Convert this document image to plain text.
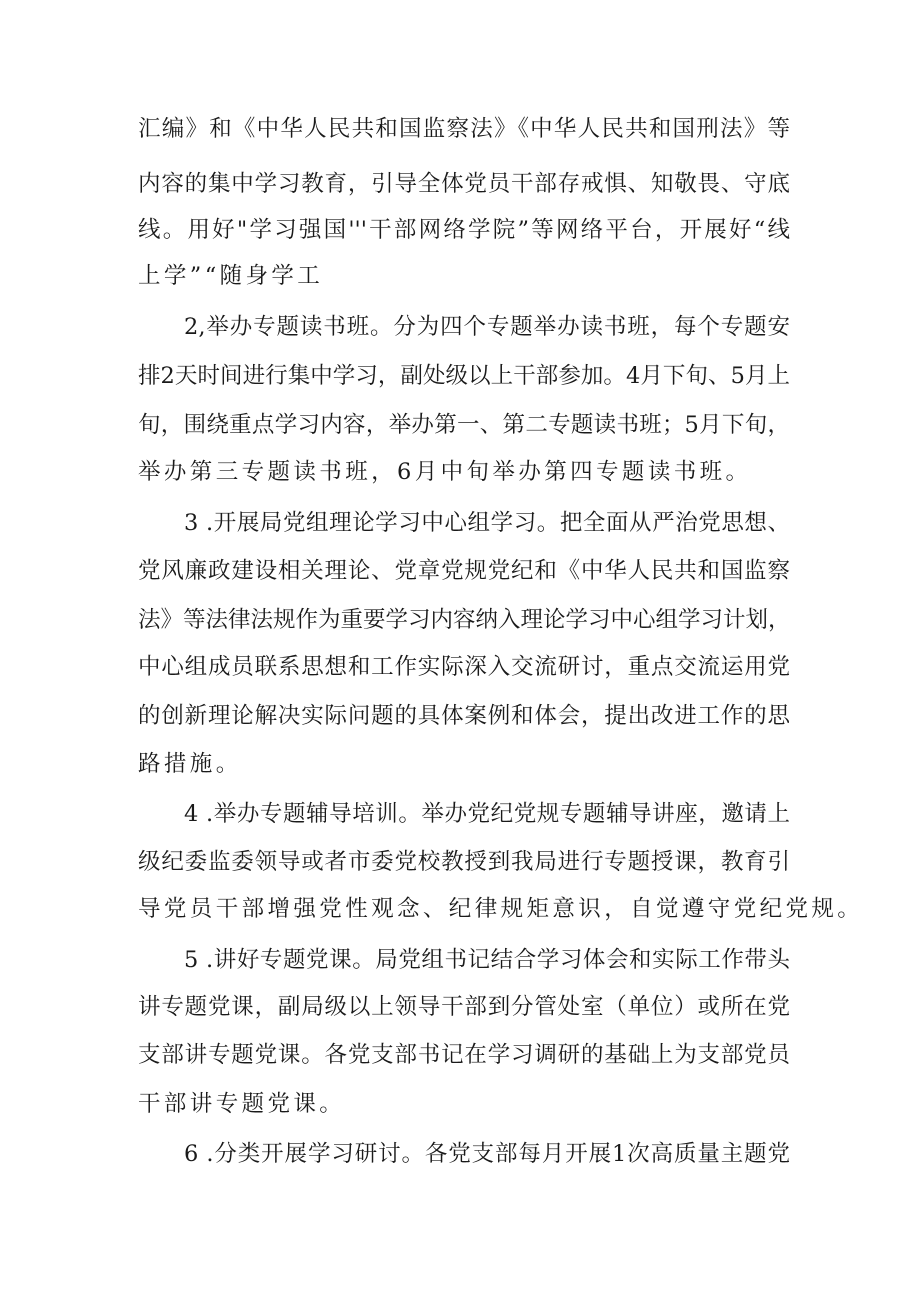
汇编》和《中华人民共和国监察法》《中华人民共和国刑法》等
内容的集中学习教育，引导全体党员干部存戒惧、知敬畏、守底
线。用好"学习强国'''干部网络学院”等网络平台，开展好“线
上学”“随身学工
2,举办专题读书班。分为四个专题举办读书班，每个专题安
排2天时间进行集中学习，副处级以上干部参加。4月下旬、5月上
旬，围绕重点学习内容，举办第一、第二专题读书班；5月下旬，
举办第三专题读书班，6月中旬举办第四专题读书班。
3 .开展局党组理论学习中心组学习。把全面从严治党思想、
党风廉政建设相关理论、党章党规党纪和《中华人民共和国监察
法》等法律法规作为重要学习内容纳入理论学习中心组学习计划，
中心组成员联系思想和工作实际深入交流研讨，重点交流运用党
的创新理论解决实际问题的具体案例和体会，提出改进工作的思
路措施。
4 .举办专题辅导培训。举办党纪党规专题辅导讲座，邀请上
级纪委监委领导或者市委党校教授到我局进行专题授课，教育引
导党员干部增强党性观念、纪律规矩意识，自觉遵守党纪党规。
5 .讲好专题党课。局党组书记结合学习体会和实际工作带头
讲专题党课，副局级以上领导干部到分管处室（单位）或所在党
支部讲专题党课。各党支部书记在学习调研的基础上为支部党员
干部讲专题党课。
6 .分类开展学习研讨。各党支部每月开展1次高质量主题党
